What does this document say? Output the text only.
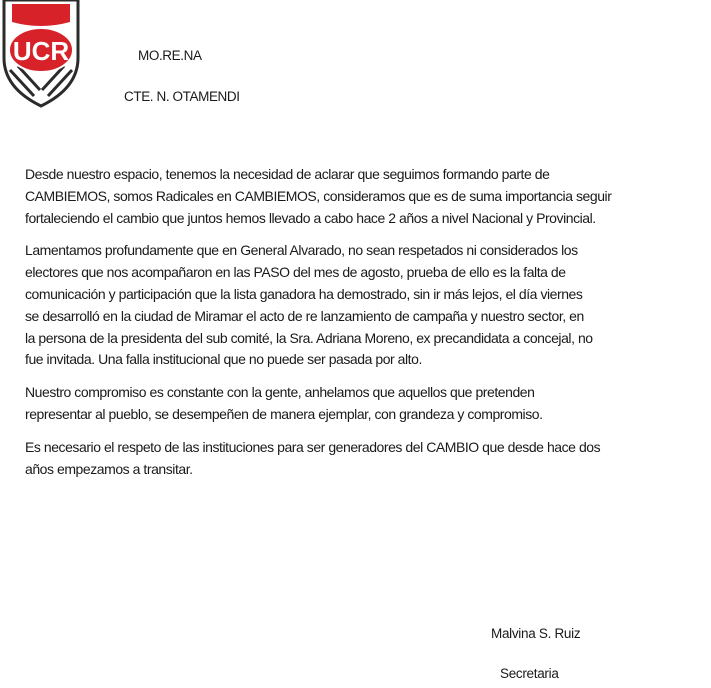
UCR	MO.RE.NA
CTE. N. OTAMENDI

Desde nuestro espacio, tenemos la necesidad de aclarar que seguimos formando parte de
CAMBIEMOS, somos Radicales en CAMBIEMOS, consideramos que es de suma importancia seguir
fortaleciendo el cambio que juntos hemos llevado a cabo hace 2 años a nivel Nacional y Provincial.

Lamentamos profundamente que en General Alvarado, no sean respetados ni considerados los
electores que nos acompañaron en las PASO del mes de agosto, prueba de ello es la falta de
comunicación y participación que la lista ganadora ha demostrado, sin ir más lejos, el día viernes
se desarrolló en la ciudad de Miramar el acto de re lanzamiento de campaña y nuestro sector, en
la persona de la presidenta del sub comité, la Sra. Adriana Moreno, ex precandidata a concejal, no
fue invitada. Una falla institucional que no puede ser pasada por alto.

Nuestro compromiso es constante con la gente, anhelamos que aquellos que pretenden
representar al pueblo, se desempeñen de manera ejemplar, con grandeza y compromiso.

Es necesario el respeto de las instituciones para ser generadores del CAMBIO que desde hace dos
años empezamos a transitar.

Malvina S. Ruiz
Secretaria
